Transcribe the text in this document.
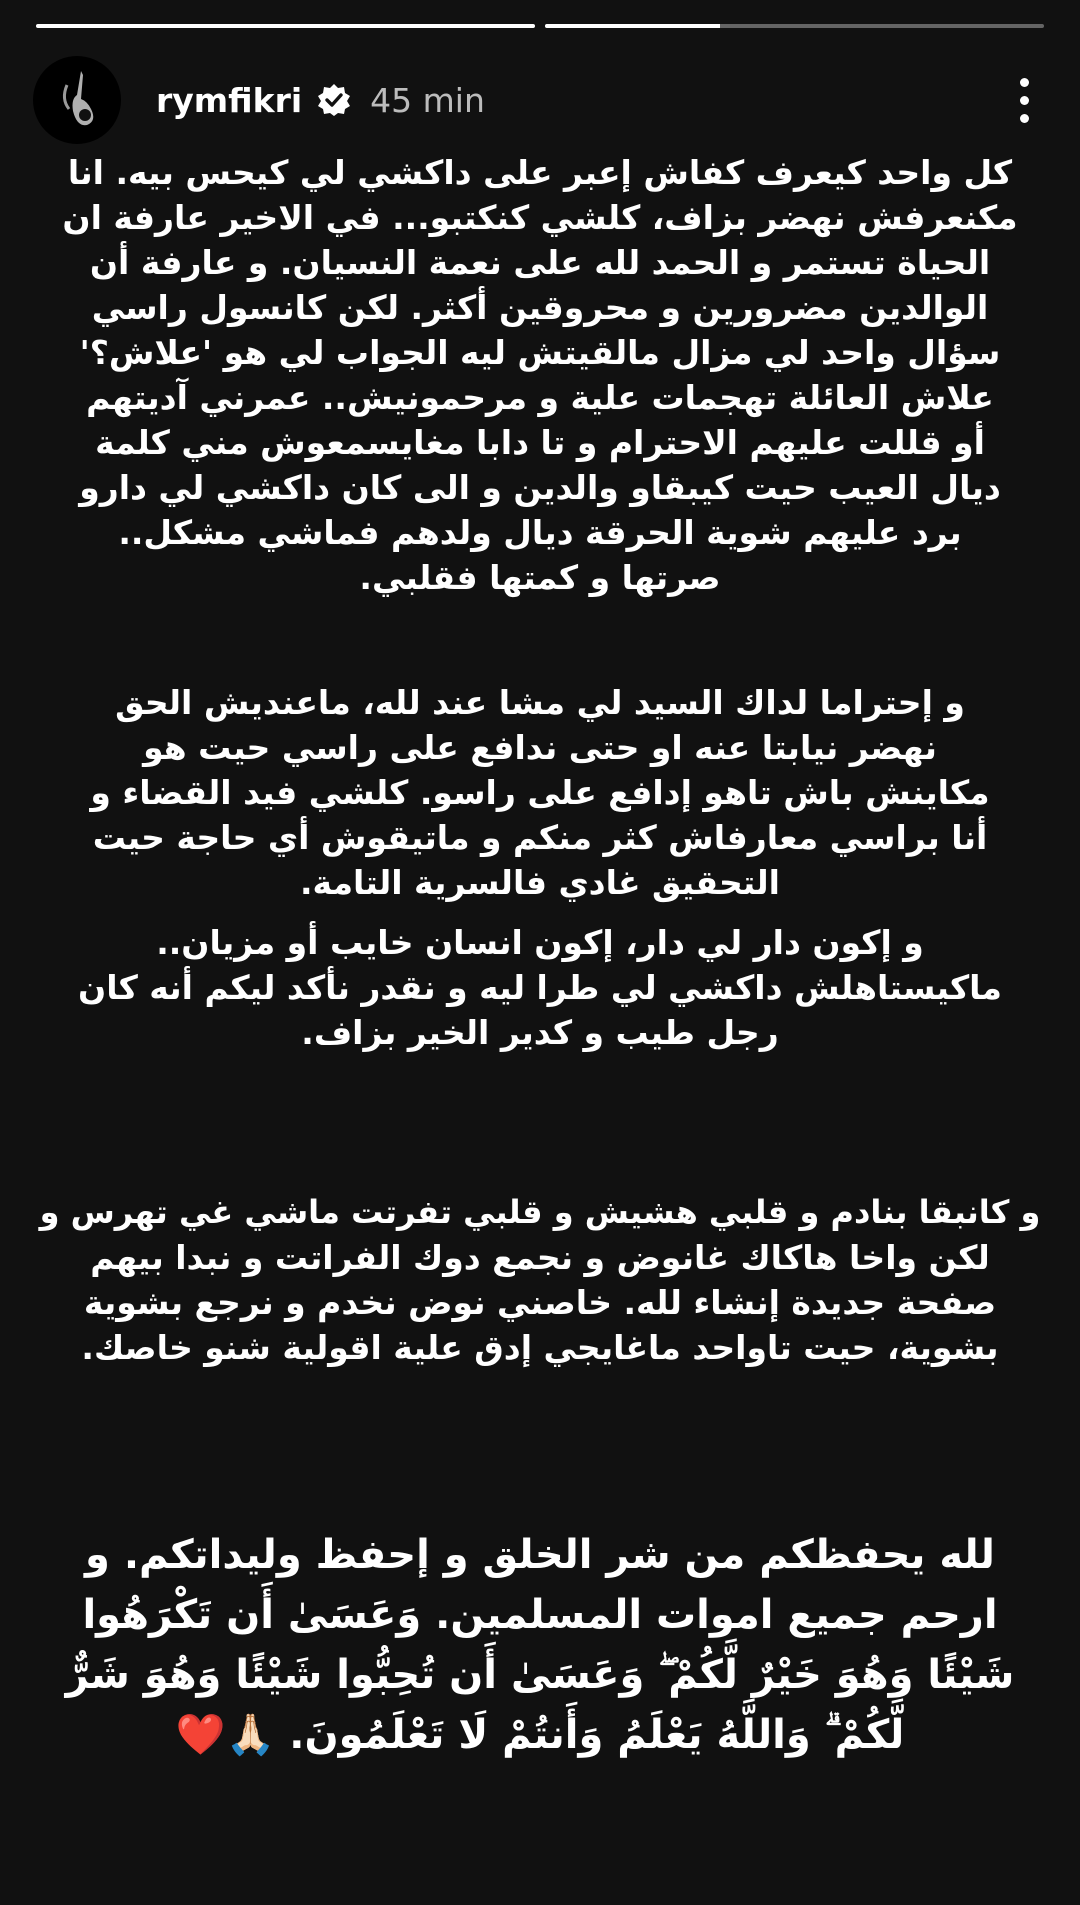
rymfikri 45 min
كل واحد كيعرف كفاش إعبر على داكشي لي كيحس بيه. انا
مكنعرفش نهضر بزاف، كلشي كنكتبو... في الاخير عارفة ان
الحياة تستمر و الحمد لله على نعمة النسيان. و عارفة أن
الوالدين مضرورين و محروقين أكثر. لكن كانسول راسي
سؤال واحد لي مزال مالقيتش ليه الجواب لي هو 'علاش؟'
علاش العائلة تهجمات علية و مرحمونيش.. عمرني آديتهم
أو قللت عليهم الاحترام و تا دابا مغايسمعوش مني كلمة
ديال العيب حيت كيبقاو والدين و الى كان داكشي لي دارو
برد عليهم شوية الحرقة ديال ولدهم فماشي مشكل..
صرتها و كمتها فقلبي.
و إحتراما لداك السيد لي مشا عند لله، ماعنديش الحق
نهضر نيابتا عنه او حتى ندافع على راسي حيت هو
مكاينش باش تاهو إدافع على راسو. كلشي فيد القضاء و
أنا براسي معارفاش كثر منكم و ماتيقوش أي حاجة حيت
التحقيق غادي فالسرية التامة.
و إكون دار لي دار، إكون انسان خايب أو مزيان..
ماكيستاهلش داكشي لي طرا ليه و نقدر نأكد ليكم أنه كان
رجل طيب و كدير الخير بزاف.
و كانبقا بنادم و قلبي هشيش و قلبي تفرتت ماشي غي تهرس و
لكن واخا هاكاك غانوض و نجمع دوك الفراتت و نبدا بيهم
صفحة جديدة إنشاء لله. خاصني نوض نخدم و نرجع بشوية
بشوية، حيت تاواحد ماغايجي إدق علية اقولية شنو خاصك.
لله يحفظكم من شر الخلق و إحفظ وليداتكم. و
ارحم جميع اموات المسلمين. وَعَسَىٰ أَن تَكْرَهُوا
شَيْئًا وَهُوَ خَيْرٌ لَّكُمْ ۖ وَعَسَىٰ أَن تُحِبُّوا شَيْئًا وَهُوَ شَرٌّ
لَّكُمْ ۗ وَاللَّهُ يَعْلَمُ وَأَنتُمْ لَا تَعْلَمُونَ. 🙏🏻❤️
